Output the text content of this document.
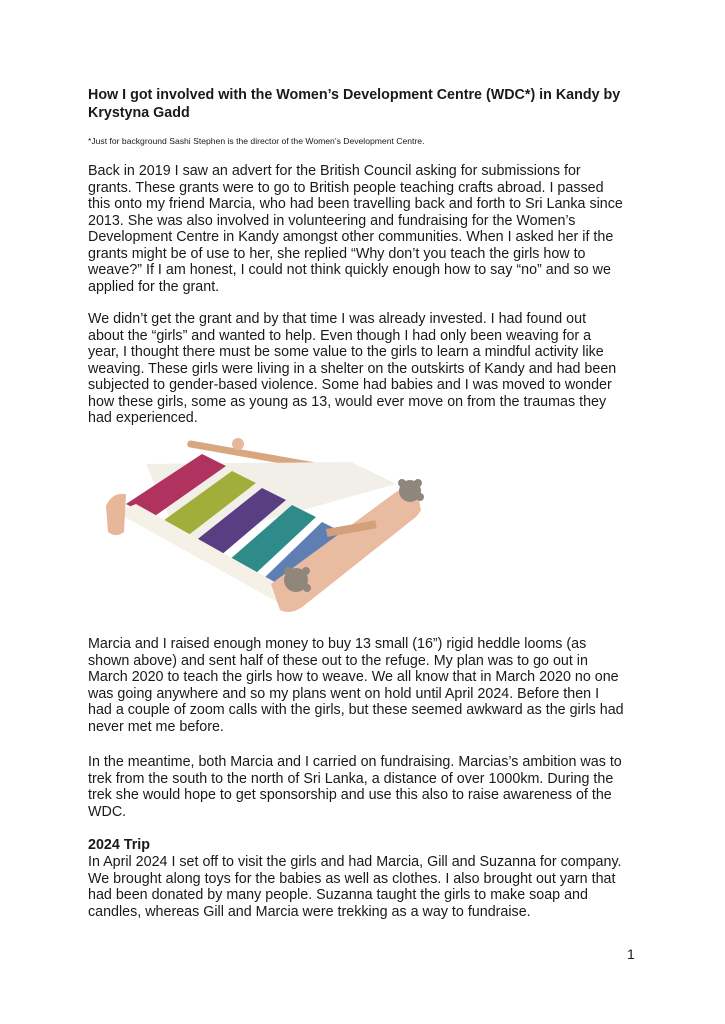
How I got involved with the Women’s Development Centre (WDC*) in Kandy by
Krystyna Gadd

*Just for background Sashi Stephen is the director of the Women’s Development Centre.

Back in 2019 I saw an advert for the British Council asking for submissions for
grants. These grants were to go to British people teaching crafts abroad. I passed
this onto my friend Marcia, who had been travelling back and forth to Sri Lanka since
2013. She was also involved in volunteering and fundraising for the Women’s
Development Centre in Kandy amongst other communities. When I asked her if the
grants might be of use to her, she replied “Why don’t you teach the girls how to
weave?” If I am honest, I could not think quickly enough how to say “no” and so we
applied for the grant.

We didn’t get the grant and by that time I was already invested. I had found out
about the “girls” and wanted to help. Even though I had only been weaving for a
year, I thought there must be some value to the girls to learn a mindful activity like
weaving. These girls were living in a shelter on the outskirts of Kandy and had been
subjected to gender-based violence. Some had babies and I was moved to wonder
how these girls, some as young as 13, would ever move on from the traumas they
had experienced.

Marcia and I raised enough money to buy 13 small (16”) rigid heddle looms (as
shown above) and sent half of these out to the refuge. My plan was to go out in
March 2020 to teach the girls how to weave. We all know that in March 2020 no one
was going anywhere and so my plans went on hold until April 2024. Before then I
had a couple of zoom calls with the girls, but these seemed awkward as the girls had
never met me before.

In the meantime, both Marcia and I carried on fundraising. Marcias’s ambition was to
trek from the south to the north of Sri Lanka, a distance of over 1000km. During the
trek she would hope to get sponsorship and use this also to raise awareness of the
WDC.

2024 Trip

In April 2024 I set off to visit the girls and had Marcia, Gill and Suzanna for company.
We brought along toys for the babies as well as clothes. I also brought out yarn that
had been donated by many people. Suzanna taught the girls to make soap and
candles, whereas Gill and Marcia were trekking as a way to fundraise.

1
